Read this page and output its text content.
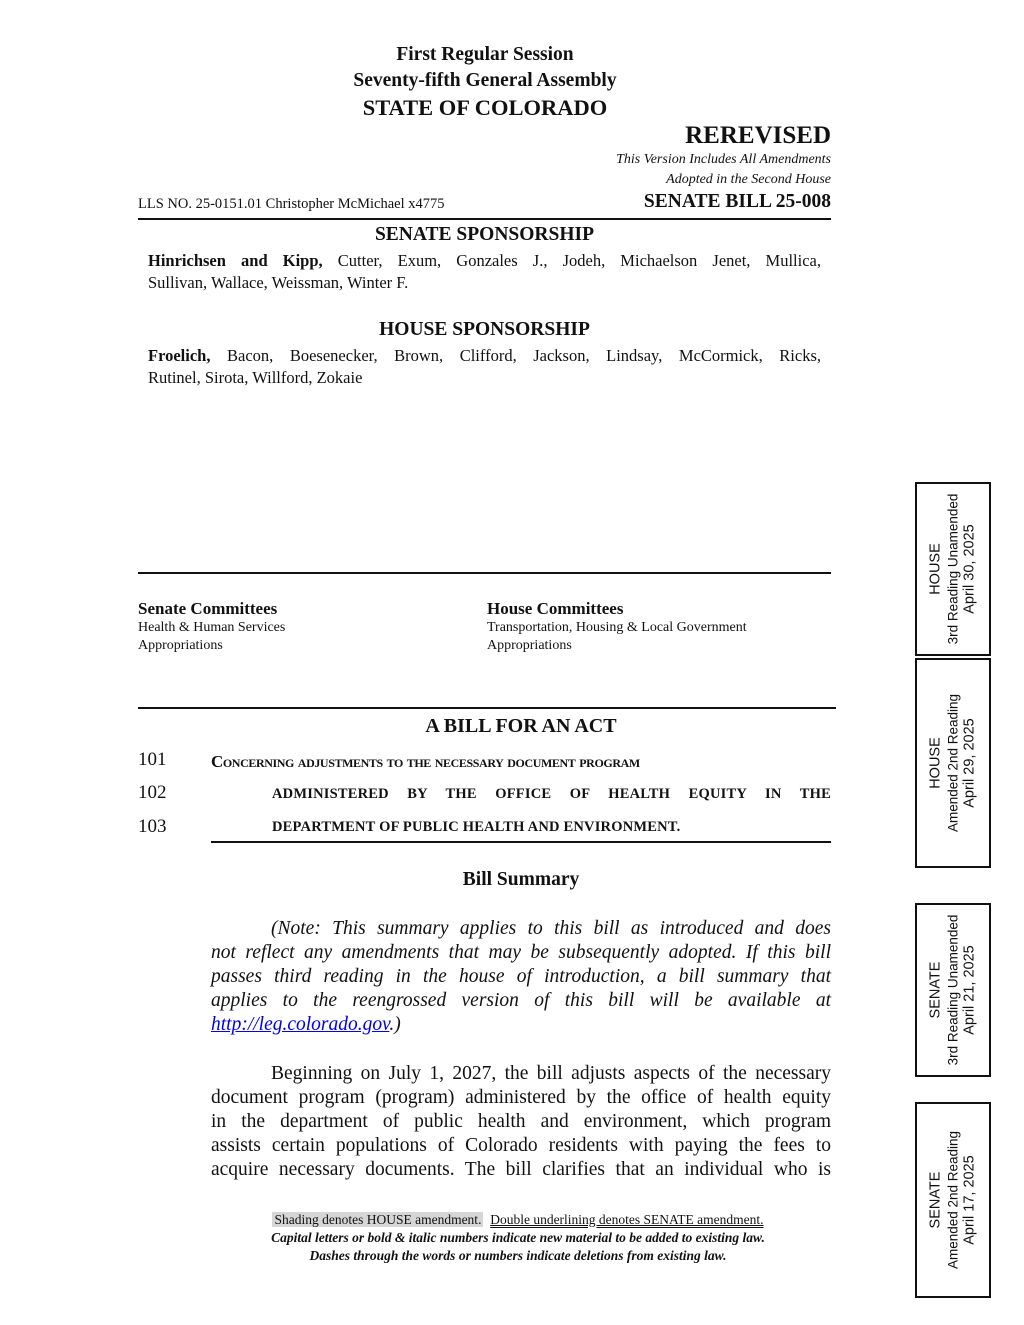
First Regular Session
Seventy-fifth General Assembly
STATE OF COLORADO
REREVISED
This Version Includes All Amendments
Adopted in the Second House
LLS NO. 25-0151.01 Christopher McMichael x4775	SENATE BILL 25-008
SENATE SPONSORSHIP
Hinrichsen and Kipp, Cutter, Exum, Gonzales J., Jodeh, Michaelson Jenet, Mullica,
Sullivan, Wallace, Weissman, Winter F.
HOUSE SPONSORSHIP
Froelich, Bacon, Boesenecker, Brown, Clifford, Jackson, Lindsay, McCormick, Ricks,
Rutinel, Sirota, Willford, Zokaie
Senate Committees
Health & Human Services
Appropriations
House Committees
Transportation, Housing & Local Government
Appropriations
A BILL FOR AN ACT
101	Concerning adjustments to the necessary document program
102	ADMINISTERED BY THE OFFICE OF HEALTH EQUITY IN THE
103	DEPARTMENT OF PUBLIC HEALTH AND ENVIRONMENT.
Bill Summary
(Note: This summary applies to this bill as introduced and does
not reflect any amendments that may be subsequently adopted. If this bill
passes third reading in the house of introduction, a bill summary that
applies to the reengrossed version of this bill will be available at
http://leg.colorado.gov.)
Beginning on July 1, 2027, the bill adjusts aspects of the necessary
document program (program) administered by the office of health equity
in the department of public health and environment, which program
assists certain populations of Colorado residents with paying the fees to
acquire necessary documents. The bill clarifies that an individual who is
Shading denotes HOUSE amendment. Double underlining denotes SENATE amendment.
Capital letters or bold & italic numbers indicate new material to be added to existing law.
Dashes through the words or numbers indicate deletions from existing law.
HOUSE 3rd Reading Unamended April 30, 2025
HOUSE Amended 2nd Reading April 29, 2025
SENATE 3rd Reading Unamended April 21, 2025
SENATE Amended 2nd Reading April 17, 2025
